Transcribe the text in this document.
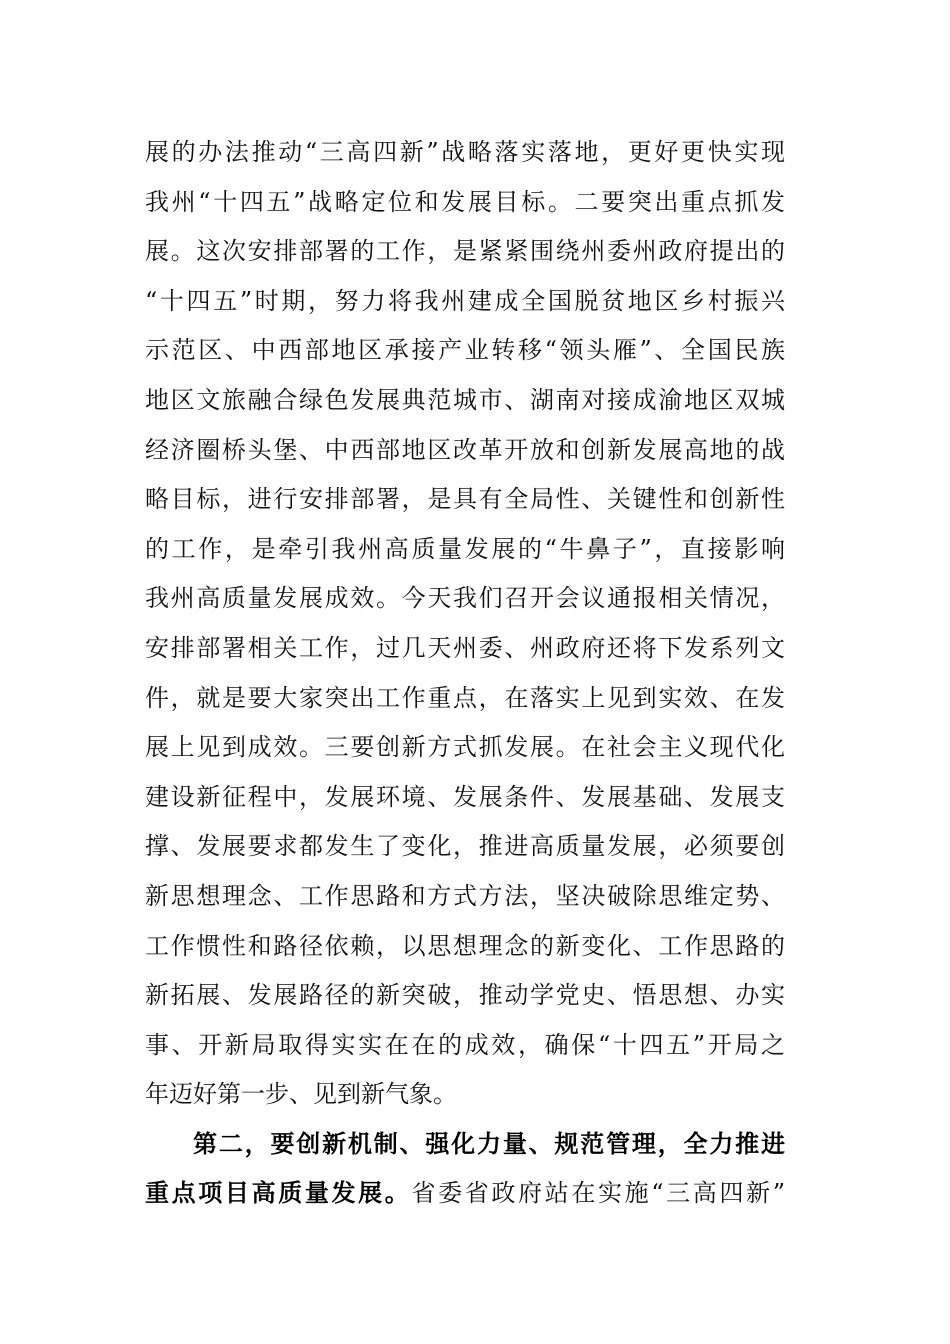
展的办法推动“三高四新”战略落实落地，更好更快实现
我州“十四五”战略定位和发展目标。二要突出重点抓发
展。这次安排部署的工作，是紧紧围绕州委州政府提出的
“十四五”时期，努力将我州建成全国脱贫地区乡村振兴
示范区、中西部地区承接产业转移“领头雁”、全国民族
地区文旅融合绿色发展典范城市、湖南对接成渝地区双城
经济圈桥头堡、中西部地区改革开放和创新发展高地的战
略目标，进行安排部署，是具有全局性、关键性和创新性
的工作，是牵引我州高质量发展的“牛鼻子”，直接影响
我州高质量发展成效。今天我们召开会议通报相关情况，
安排部署相关工作，过几天州委、州政府还将下发系列文
件，就是要大家突出工作重点，在落实上见到实效、在发
展上见到成效。三要创新方式抓发展。在社会主义现代化
建设新征程中，发展环境、发展条件、发展基础、发展支
撑、发展要求都发生了变化，推进高质量发展，必须要创
新思想理念、工作思路和方式方法，坚决破除思维定势、
工作惯性和路径依赖，以思想理念的新变化、工作思路的
新拓展、发展路径的新突破，推动学党史、悟思想、办实
事、开新局取得实实在在的成效，确保“十四五”开局之
年迈好第一步、见到新气象。
第二，要创新机制、强化力量、规范管理，全力推进
重点项目高质量发展。省委省政府站在实施“三高四新”
